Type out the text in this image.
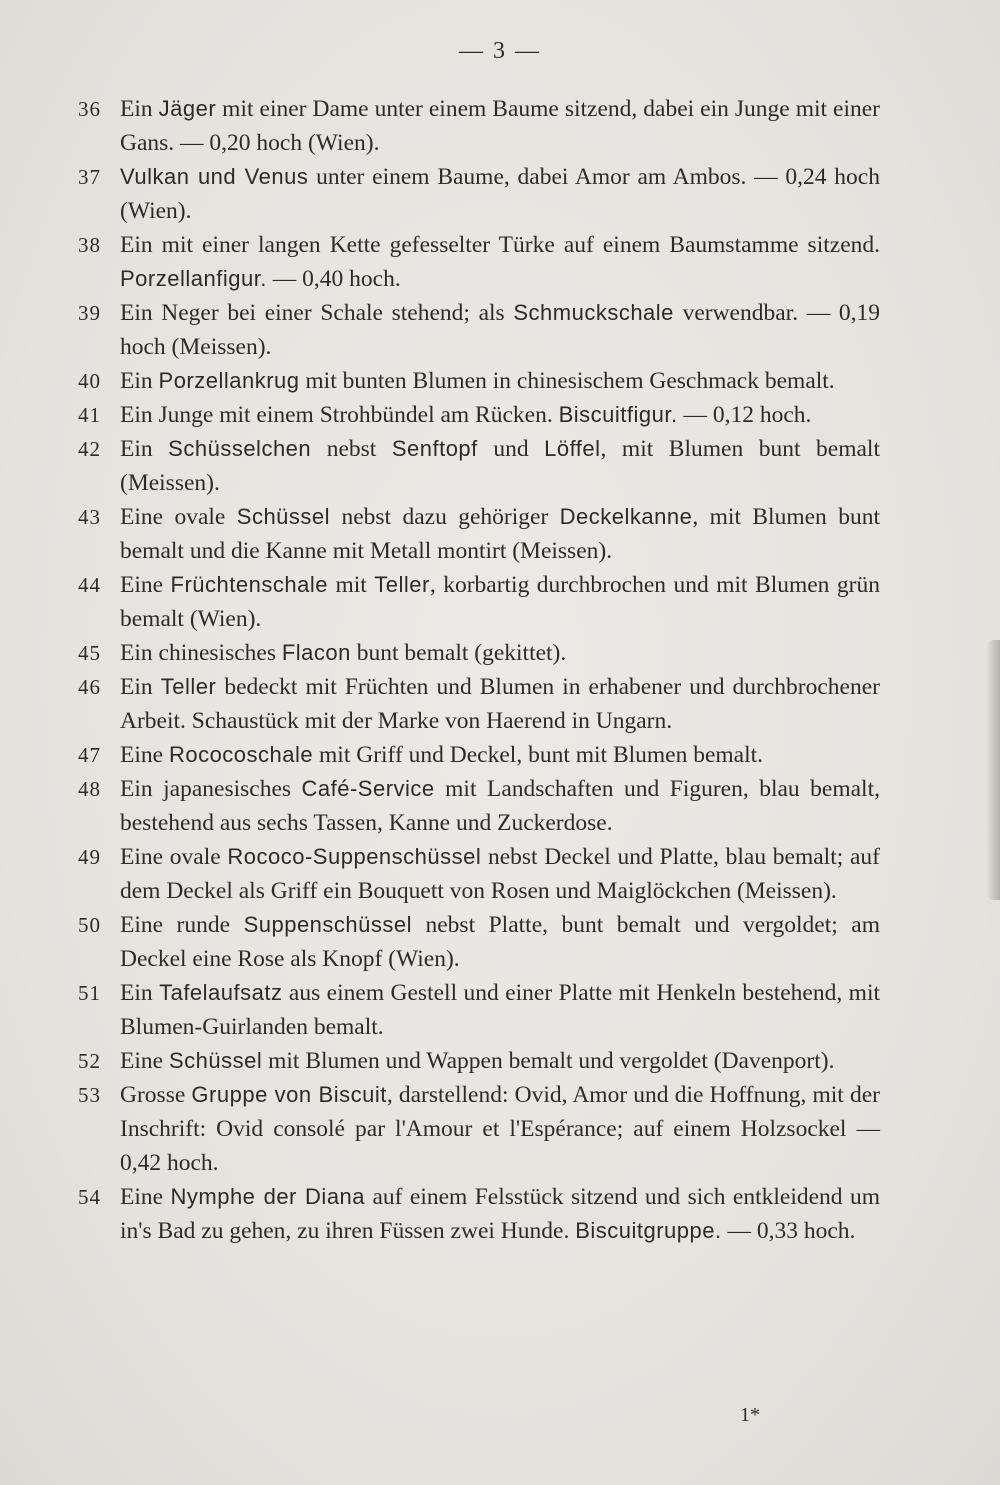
— 3 —
36 Ein Jäger mit einer Dame unter einem Baume sitzend, dabei ein Junge mit einer Gans. — 0,20 hoch (Wien).
37 Vulkan und Venus unter einem Baume, dabei Amor am Ambos. — 0,24 hoch (Wien).
38 Ein mit einer langen Kette gefesselter Türke auf einem Baumstamme sitzend. Porzellanfigur. — 0,40 hoch.
39 Ein Neger bei einer Schale stehend; als Schmuckschale verwendbar. — 0,19 hoch (Meissen).
40 Ein Porzellankrug mit bunten Blumen in chinesischem Geschmack bemalt.
41 Ein Junge mit einem Strohbündel am Rücken. Biscuitfigur. — 0,12 hoch.
42 Ein Schüsselchen nebst Senftopf und Löffel, mit Blumen bunt bemalt (Meissen).
43 Eine ovale Schüssel nebst dazu gehöriger Deckelkanne, mit Blumen bunt bemalt und die Kanne mit Metall montirt (Meissen).
44 Eine Früchtenschale mit Teller, korbartig durchbrochen und mit Blumen grün bemalt (Wien).
45 Ein chinesisches Flacon bunt bemalt (gekittet).
46 Ein Teller bedeckt mit Früchten und Blumen in erhabener und durchbrochener Arbeit. Schaustück mit der Marke von Haerend in Ungarn.
47 Eine Rococoschale mit Griff und Deckel, bunt mit Blumen bemalt.
48 Ein japanesisches Café-Service mit Landschaften und Figuren, blau bemalt, bestehend aus sechs Tassen, Kanne und Zuckerdose.
49 Eine ovale Rococo-Suppenschüssel nebst Deckel und Platte, blau bemalt; auf dem Deckel als Griff ein Bouquett von Rosen und Maiglöckchen (Meissen).
50 Eine runde Suppenschüssel nebst Platte, bunt bemalt und vergoldet; am Deckel eine Rose als Knopf (Wien).
51 Ein Tafelaufsatz aus einem Gestell und einer Platte mit Henkeln bestehend, mit Blumen-Guirlanden bemalt.
52 Eine Schüssel mit Blumen und Wappen bemalt und vergoldet (Davenport).
53 Grosse Gruppe von Biscuit, darstellend: Ovid, Amor und die Hoffnung, mit der Inschrift: Ovid consolé par l'Amour et l'Espérance; auf einem Holzsockel — 0,42 hoch.
54 Eine Nymphe der Diana auf einem Felsstück sitzend und sich entkleidend um in's Bad zu gehen, zu ihren Füssen zwei Hunde. Biscuitgruppe. — 0,33 hoch.
1*
